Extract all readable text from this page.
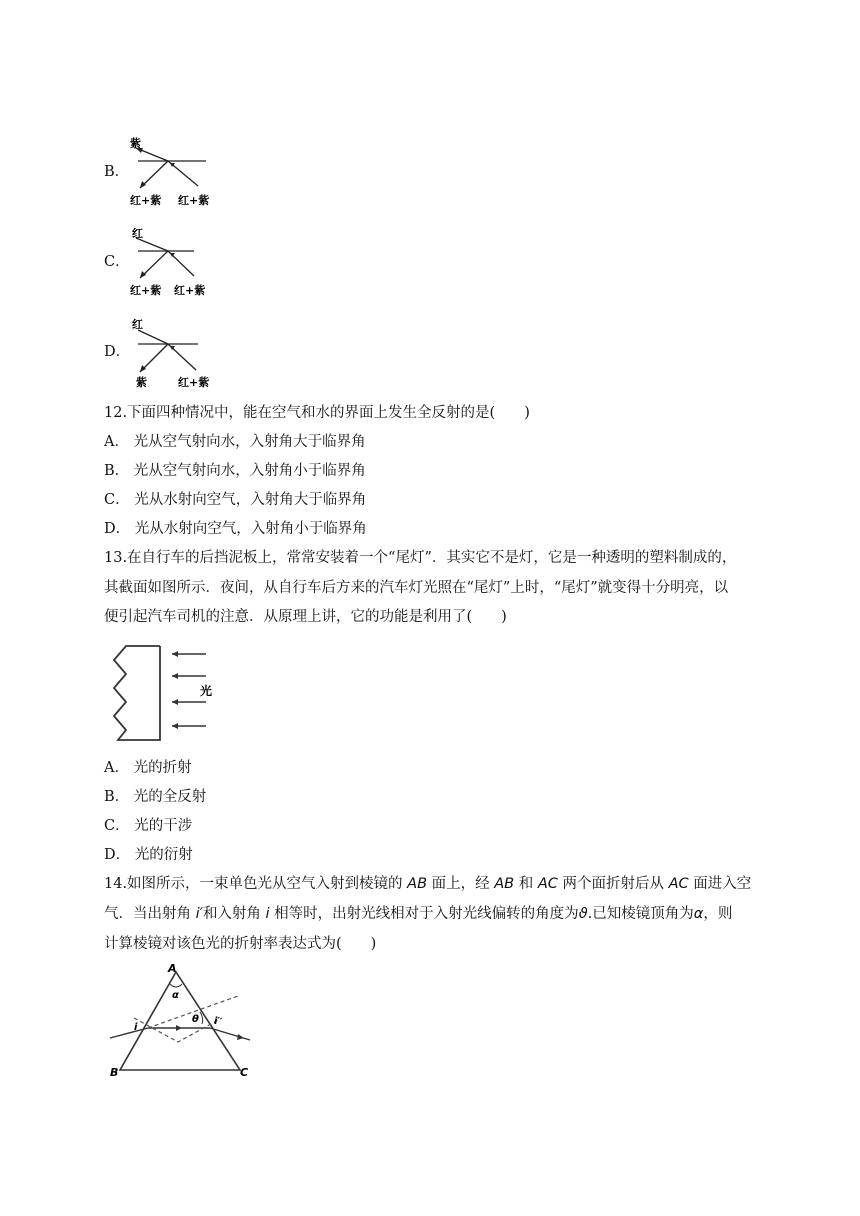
B．
紫
红+紫 红+紫
C．
红
红+紫 红+紫
D．
红
紫	红+紫
12.下面四种情况中，能在空气和水的界面上发生全反射的是(　　)
A． 光从空气射向水，入射角大于临界角
B． 光从空气射向水，入射角小于临界角
C． 光从水射向空气，入射角大于临界角
D． 光从水射向空气，入射角小于临界角
13.在自行车的后挡泥板上，常常安装着一个“尾灯”．其实它不是灯，它是一种透明的塑料制成的，
其截面如图所示．夜间，从自行车后方来的汽车灯光照在“尾灯”上时，“尾灯”就变得十分明亮，以
便引起汽车司机的注意．从原理上讲，它的功能是利用了(　　)
光
A． 光的折射
B． 光的全反射
C． 光的干涉
D． 光的衍射
14.如图所示，一束单色光从空气入射到棱镜的 AB 面上，经 AB 和 AC 两个面折射后从 AC 面进入空
气．当出射角 i′和入射角 i 相等时，出射光线相对于入射光线偏转的角度为ϑ.已知棱镜顶角为α，则
计算棱镜对该色光的折射率表达式为(　　)
A
B	C
α
θ
i
i′
